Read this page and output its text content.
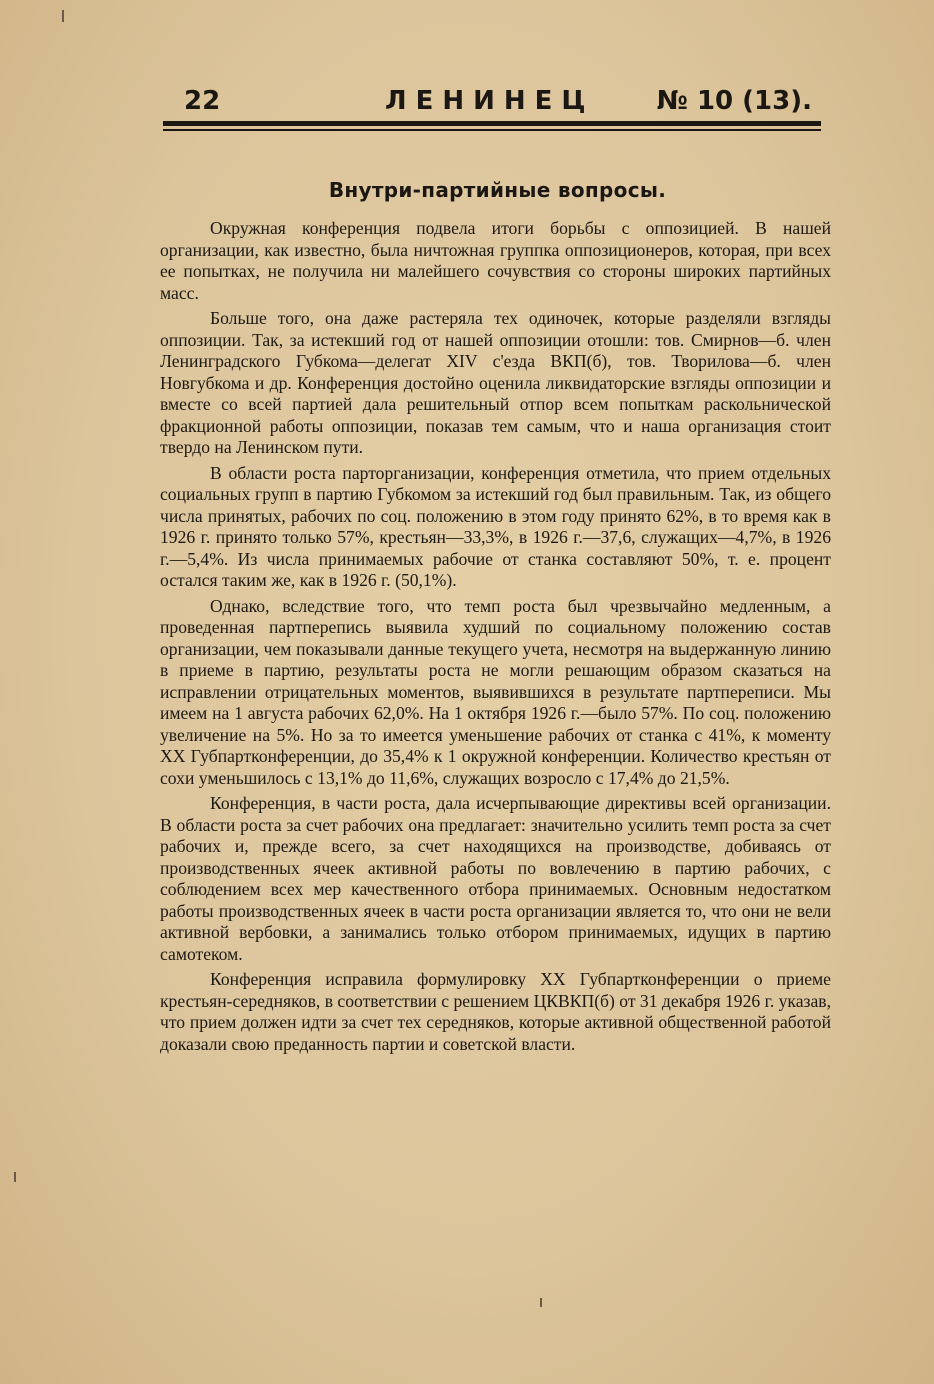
22	ЛЕНИНЕЦ № 10 (13).
Внутри-партийные вопросы.

Окружная конференция подвела итоги борьбы с оппозицией. В нашей организации, как известно, была ничтожная группка оппозиционеров, которая, при всех ее попытках, не получила ни малейшего сочувствия со стороны широких партийных масс.

Больше того, она даже растеряла тех одиночек, которые разделяли взгляды оппозиции. Так, за истекший год от нашей оппозиции отошли: тов. Смирнов—б. член Ленинградского Губкома—делегат XIV с'езда ВКП(б), тов. Творилова—б. член Новгубкома и др. Конференция достойно оценила ликвидаторские взгляды оппозиции и вместе со всей партией дала решительный отпор всем попыткам раскольнической фракционной работы оппозиции, показав тем самым, что и наша организация стоит твердо на Ленинском пути.

В области роста парторганизации, конференция отметила, что прием отдельных социальных групп в партию Губкомом за истекший год был правильным. Так, из общего числа принятых, рабочих по соц. положению в этом году принято 62%, в то время как в 1926 г. принято только 57%, крестьян—33,3%, в 1926 г.—37,6, служащих—4,7%, в 1926 г.—5,4%. Из числа принимаемых рабочие от станка составляют 50%, т. е. процент остался таким же, как в 1926 г. (50,1%).

Однако, вследствие того, что темп роста был чрезвычайно медленным, а проведенная партперепись выявила худший по социальному положению состав организации, чем показывали данные текущего учета, несмотря на выдержанную линию в приеме в партию, результаты роста не могли решающим образом сказаться на исправлении отрицательных моментов, выявившихся в результате партпереписи. Мы имеем на 1 августа рабочих 62,0%. На 1 октября 1926 г.—было 57%. По соц. положению увеличение на 5%. Но за то имеется уменьшение рабочих от станка с 41%, к моменту XX Губпартконференции, до 35,4% к 1 окружной конференции. Количество крестьян от сохи уменьшилось с 13,1% до 11,6%, служащих возросло с 17,4% до 21,5%.

Конференция, в части роста, дала исчерпывающие директивы всей организации. В области роста за счет рабочих она предлагает: значительно усилить темп роста за счет рабочих и, прежде всего, за счет находящихся на производстве, добиваясь от производственных ячеек активной работы по вовлечению в партию рабочих, с соблюдением всех мер качественного отбора принимаемых. Основным недостатком работы производственных ячеек в части роста организации является то, что они не вели активной вербовки, а занимались только отбором принимаемых, идущих в партию самотеком.

Конференция исправила формулировку XX Губпартконференции о приеме крестьян-середняков, в соответствии с решением ЦКВКП(б) от 31 декабря 1926 г. указав, что прием должен идти за счет тех середняков, которые активной общественной работой доказали свою преданность партии и советской власти.
